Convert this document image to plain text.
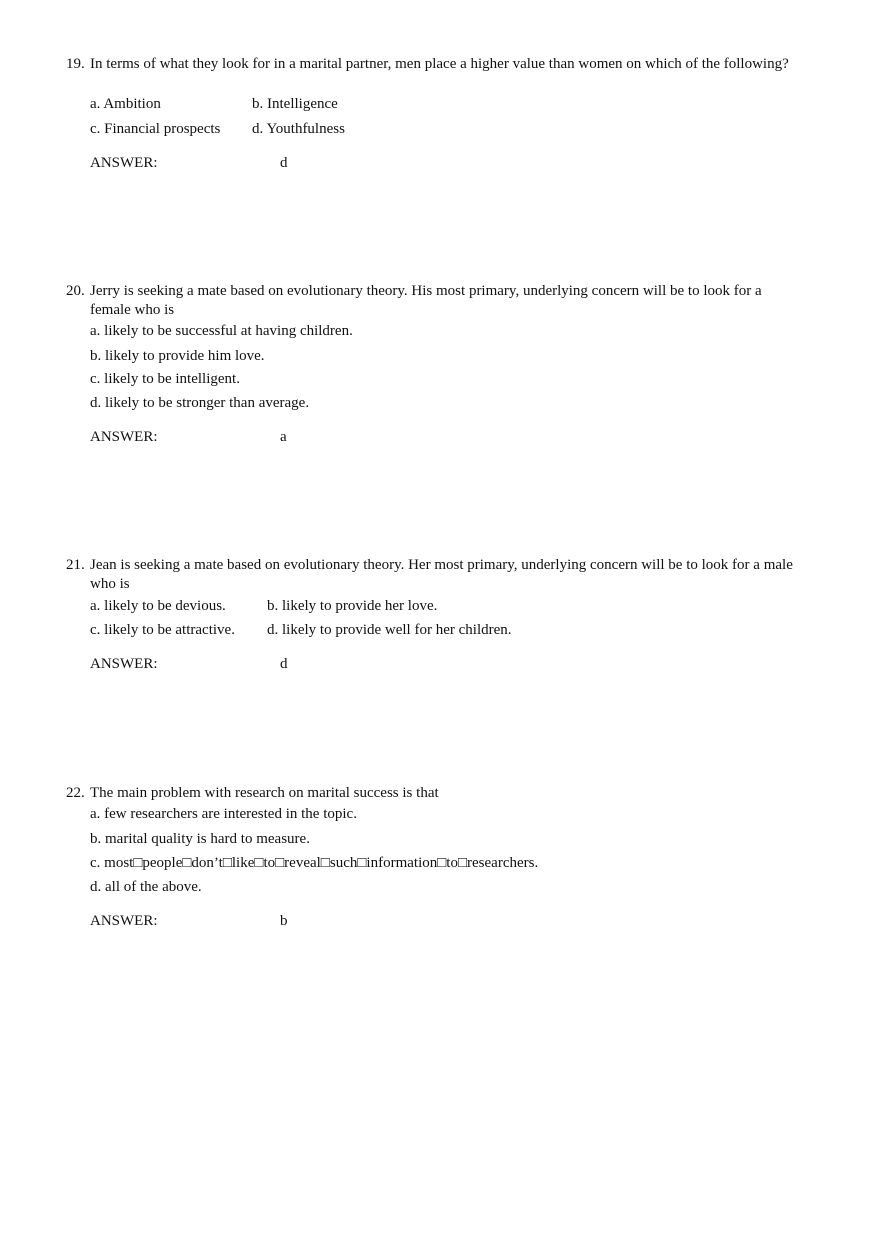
19. In terms of what they look for in a marital partner, men place a higher value than women on which of the following?

a. Ambition	b. Intelligence
c. Financial prospects d. Youthfulness
ANSWER:	d

20. Jerry is seeking a mate based on evolutionary theory. His most primary, underlying concern will be to look for a female who is

a. likely to be successful at having children.
b. likely to provide him love.
c. likely to be intelligent.
d. likely to be stronger than average.
ANSWER:	a

21. Jean is seeking a mate based on evolutionary theory. Her most primary, underlying concern will be to look for a male who is

a. likely to be devious.	b. likely to provide her love.
c. likely to be attractive. d. likely to provide well for her children.
ANSWER:	d

22. The main problem with research on marital success is that

a. few researchers are interested in the topic.
b. marital quality is hard to measure.
c. most□people□don’t□like□to□reveal□such□information□to□researchers.
d. all of the above.
ANSWER:	b
